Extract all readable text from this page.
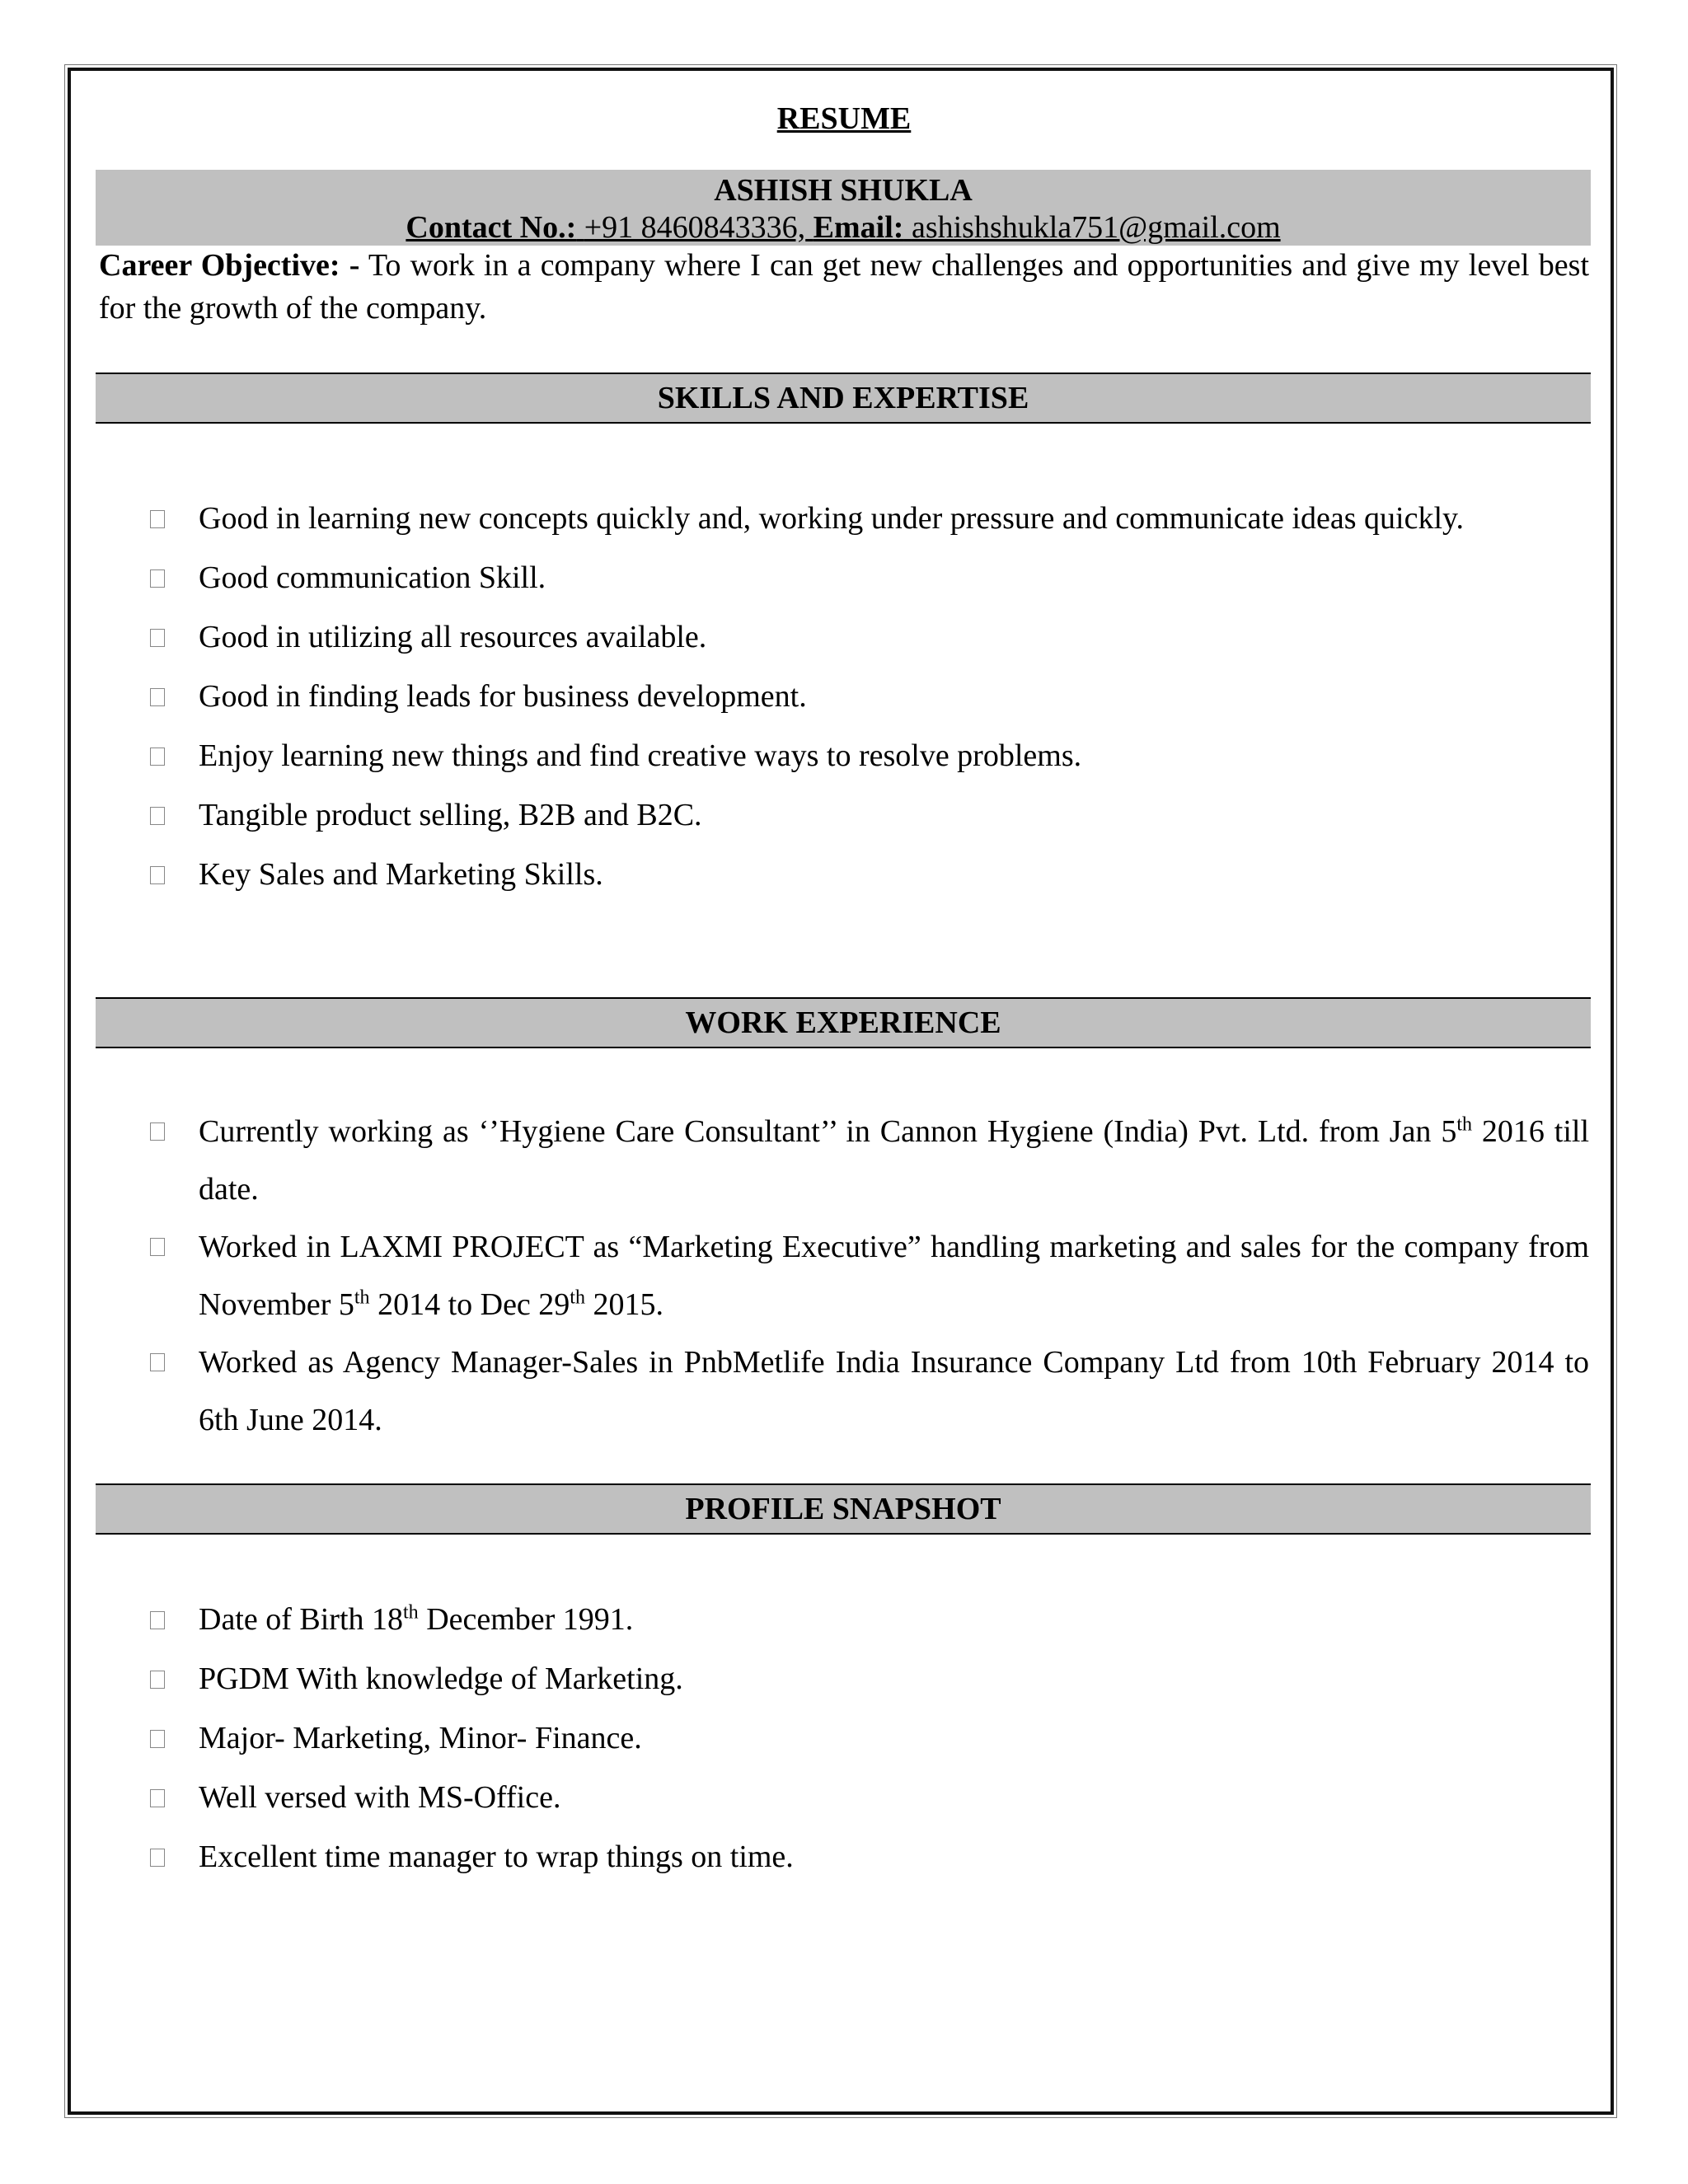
RESUME
ASHISH SHUKLA
Contact No.: +91 8460843336, Email: ashishshukla751@gmail.com
Career Objective: - To work in a company where I can get new challenges and opportunities and give my level best for the growth of the company.
SKILLS AND EXPERTISE
Good in learning new concepts quickly and, working under pressure and communicate ideas quickly.
Good communication Skill.
Good in utilizing all resources available.
Good in finding leads for business development.
Enjoy learning new things and find creative ways to resolve problems.
Tangible product selling, B2B and B2C.
Key Sales and Marketing Skills.
WORK EXPERIENCE
Currently working as ‘’Hygiene Care Consultant’’ in Cannon Hygiene (India) Pvt. Ltd. from Jan 5th 2016 till date.
Worked in LAXMI PROJECT as “Marketing Executive” handling marketing and sales for the company from November 5th 2014 to Dec 29th 2015.
Worked as Agency Manager-Sales in PnbMetlife India Insurance Company Ltd from 10th February 2014 to 6th June 2014.
PROFILE SNAPSHOT
Date of Birth 18th December 1991.
PGDM With knowledge of Marketing.
Major- Marketing, Minor- Finance.
Well versed with MS-Office.
Excellent time manager to wrap things on time.
